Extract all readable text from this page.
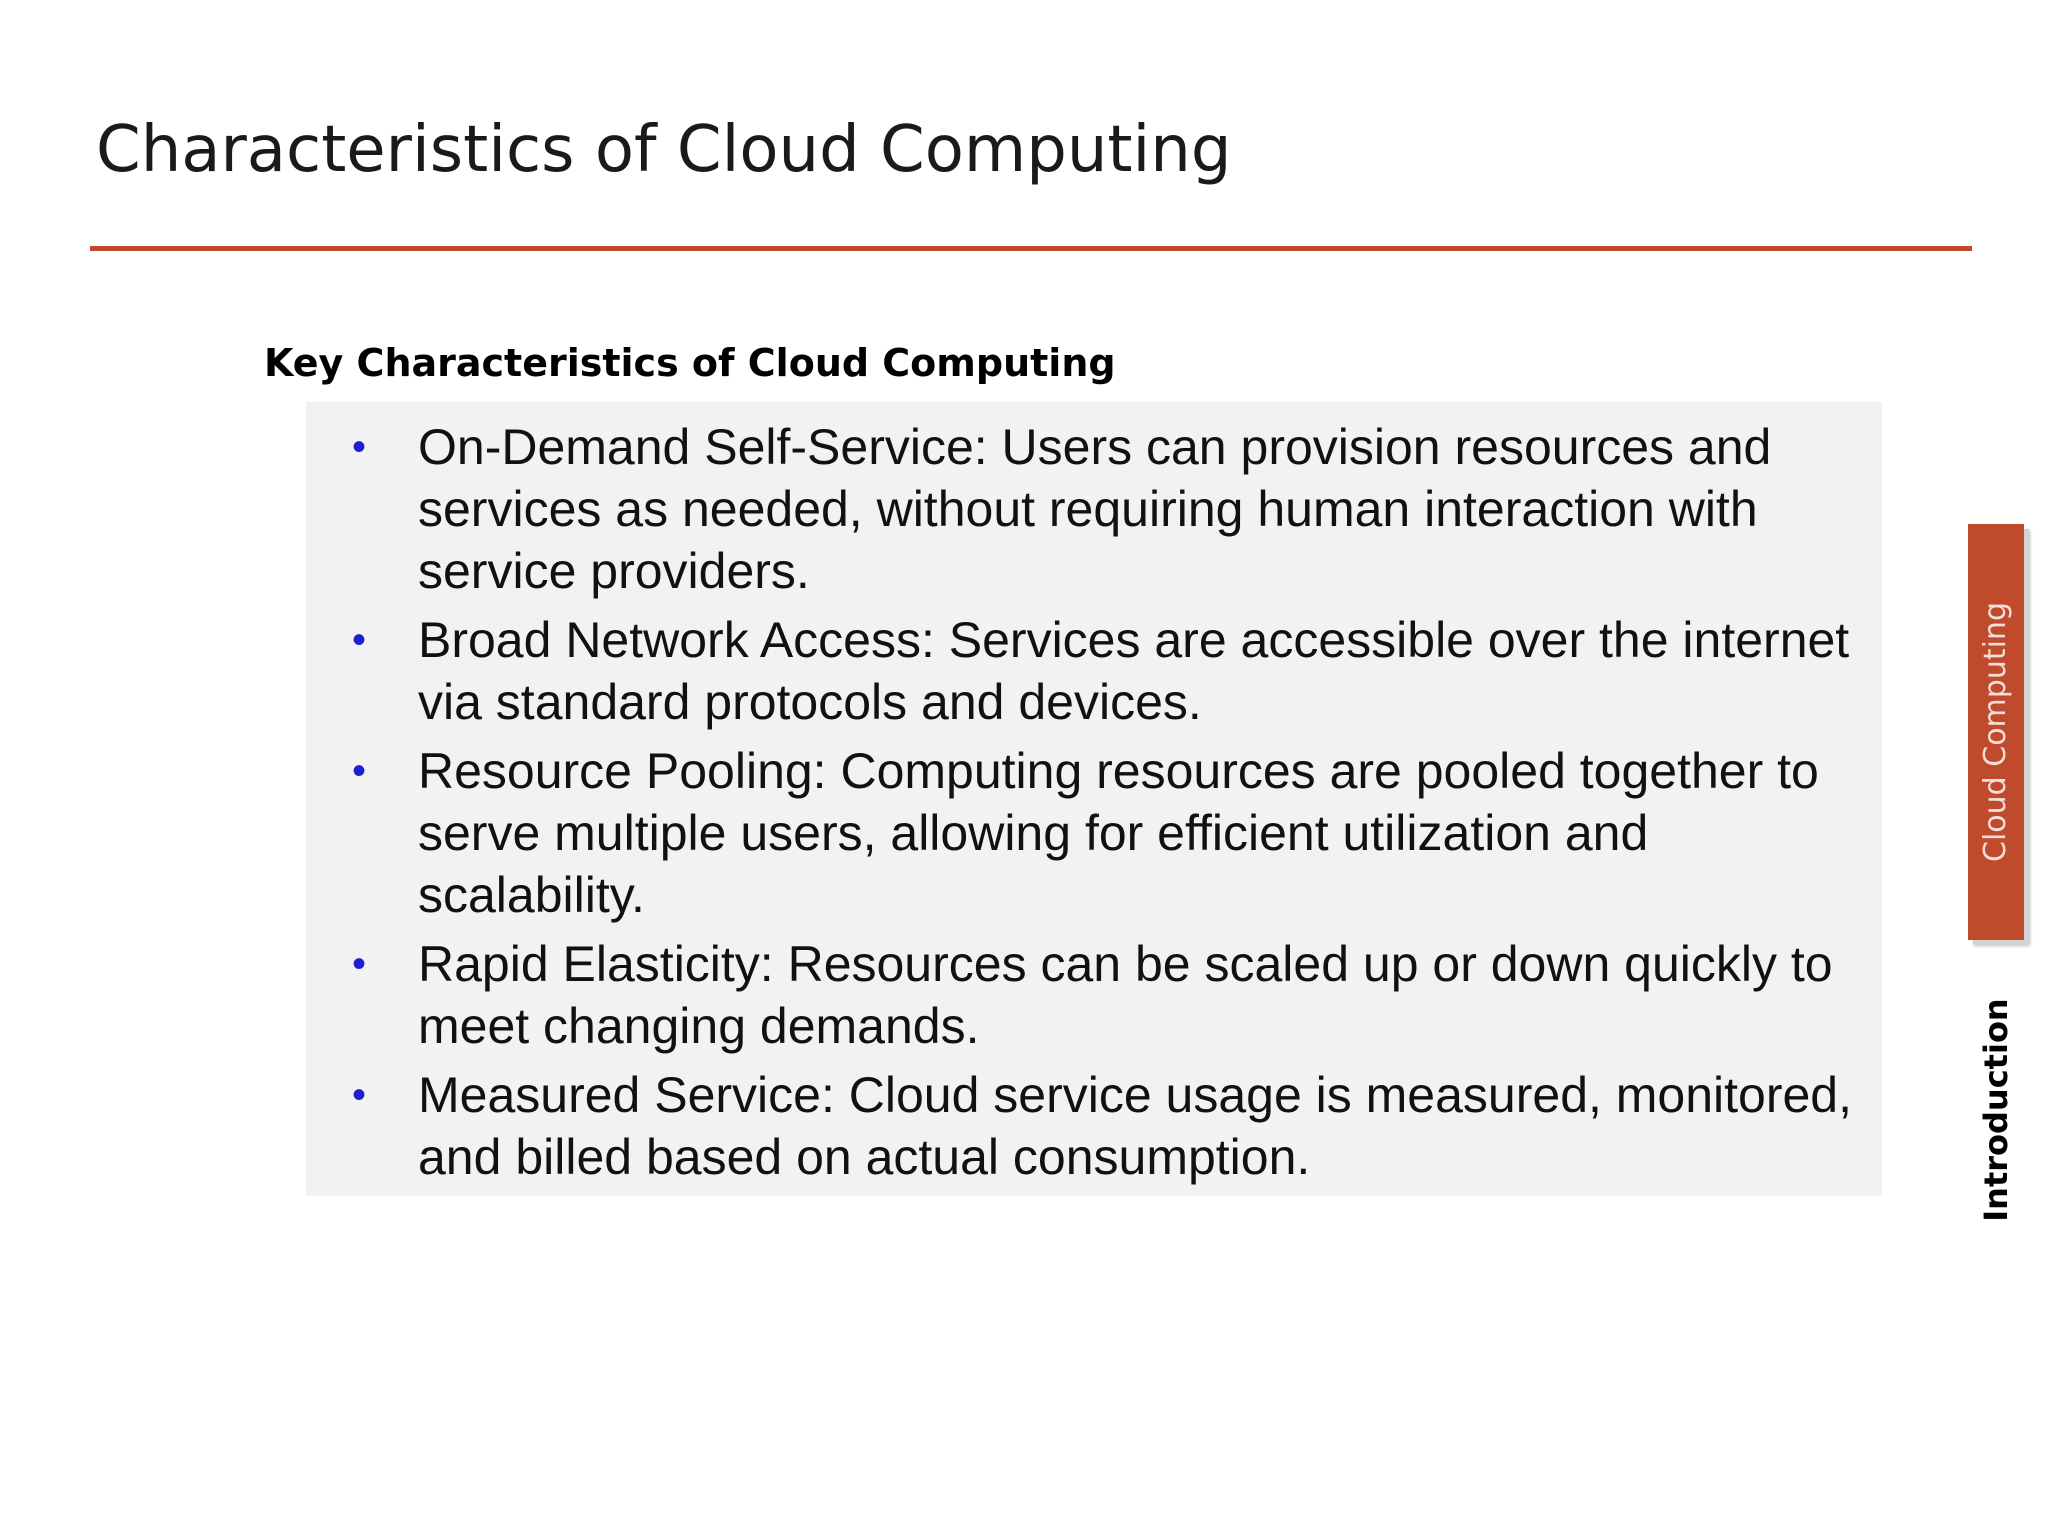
Characteristics of Cloud Computing
Key Characteristics of Cloud Computing
• On-Demand Self-Service: Users can provision resources and services as needed, without requiring human interaction with service providers.
• Broad Network Access: Services are accessible over the internet via standard protocols and devices.
• Resource Pooling: Computing resources are pooled together to serve multiple users, allowing for efficient utilization and scalability.
• Rapid Elasticity: Resources can be scaled up or down quickly to meet changing demands.
• Measured Service: Cloud service usage is measured, monitored, and billed based on actual consumption.
Cloud Computing
Introduction
